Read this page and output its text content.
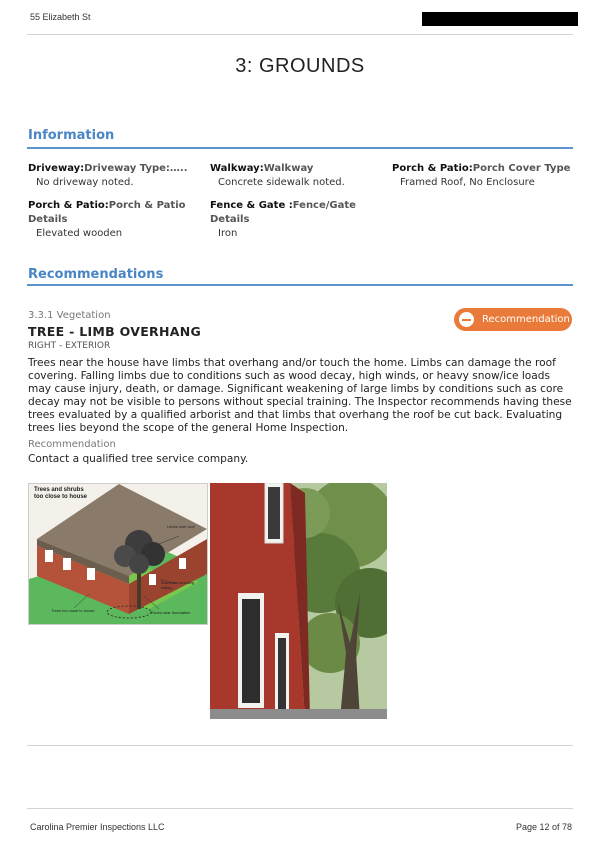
55 Elizabeth St
3: GROUNDS
Information
Driveway:Driveway Type:…..
No driveway noted.
Walkway:Walkway
Concrete sidewalk noted.
Porch & Patio:Porch Cover Type
Framed Roof, No Enclosure
Porch & Patio:Porch & Patio Details
Elevated wooden
Fence & Gate :Fence/Gate Details
Iron
Recommendations
3.3.1 Vegetation	Recommendation
TREE - LIMB OVERHANG
RIGHT - EXTERIOR
Trees near the house have limbs that overhang and/or touch the home. Limbs can damage the roof covering. Falling limbs due to conditions such as wood decay, high winds, or heavy snow/ice loads may cause injury, death, or damage. Significant weakening of large limbs by conditions such as core decay may not be visible to persons without special training. The Inspector recommends having these trees evaluated by a qualified arborist and that limbs that overhang the roof be cut back. Evaluating trees lies beyond the scope of the general Home Inspection.
Recommendation
Contact a qualified tree service company.
Trees and shrubs too close to house
Limbs over roof
Branches touching siding
Trees too close to house	Roots near foundation
Carolina Premier Inspections LLC	Page 12 of 78
